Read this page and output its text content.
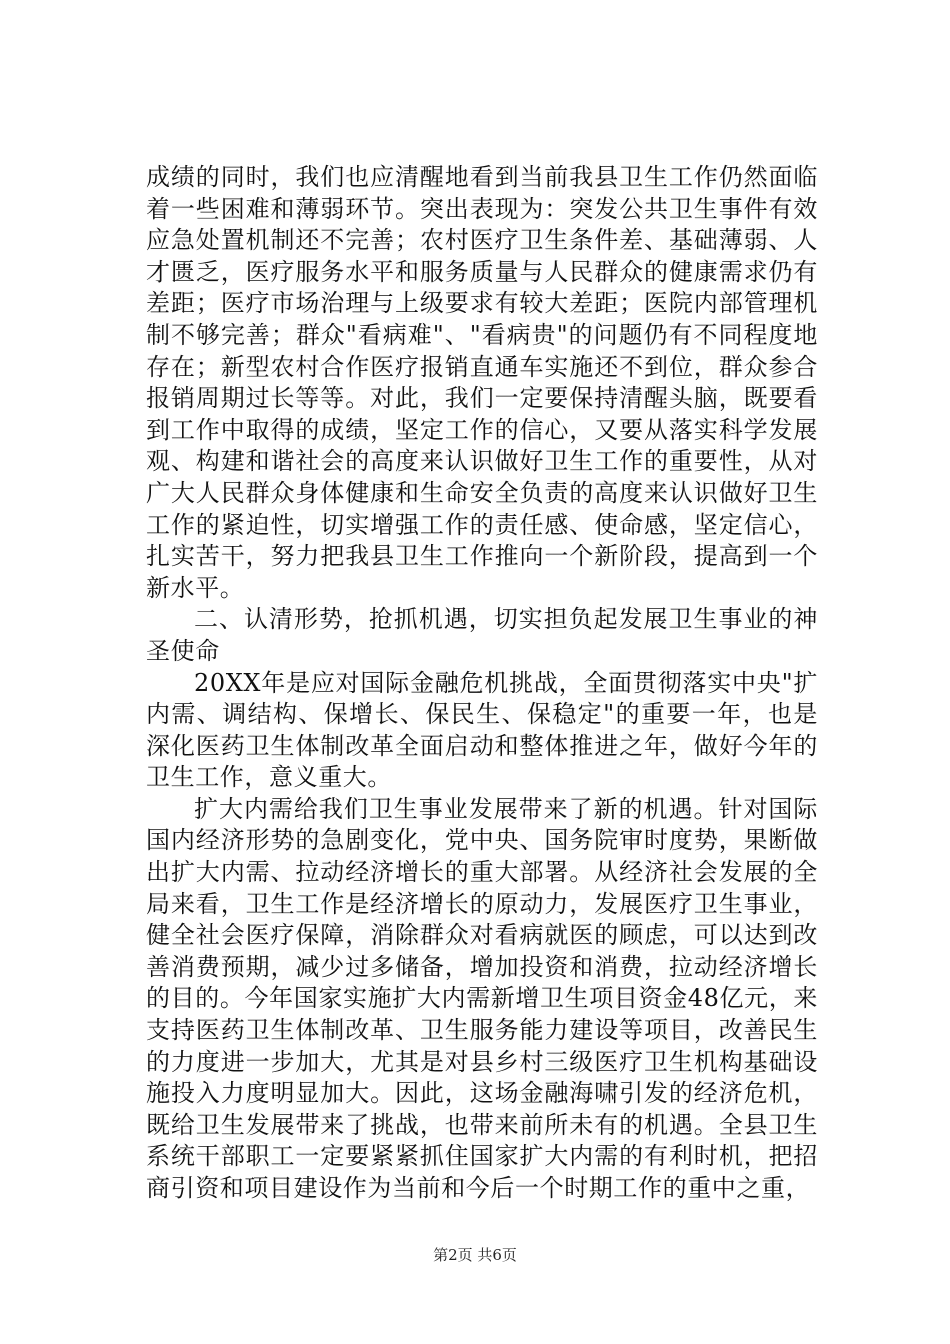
成绩的同时，我们也应清醒地看到当前我县卫生工作仍然面临着一些困难和薄弱环节。突出表现为：突发公共卫生事件有效应急处置机制还不完善；农村医疗卫生条件差、基础薄弱、人才匮乏，医疗服务水平和服务质量与人民群众的健康需求仍有差距；医疗市场治理与上级要求有较大差距；医院内部管理机制不够完善；群众"看病难"、"看病贵"的问题仍有不同程度地存在；新型农村合作医疗报销直通车实施还不到位，群众参合报销周期过长等等。对此，我们一定要保持清醒头脑，既要看到工作中取得的成绩，坚定工作的信心，又要从落实科学发展观、构建和谐社会的高度来认识做好卫生工作的重要性，从对广大人民群众身体健康和生命安全负责的高度来认识做好卫生工作的紧迫性，切实增强工作的责任感、使命感，坚定信心，扎实苦干，努力把我县卫生工作推向一个新阶段，提高到一个新水平。

二、认清形势，抢抓机遇，切实担负起发展卫生事业的神圣使命

20XX年是应对国际金融危机挑战，全面贯彻落实中央"扩内需、调结构、保增长、保民生、保稳定"的重要一年，也是深化医药卫生体制改革全面启动和整体推进之年，做好今年的卫生工作，意义重大。

扩大内需给我们卫生事业发展带来了新的机遇。针对国际国内经济形势的急剧变化，党中央、国务院审时度势，果断做出扩大内需、拉动经济增长的重大部署。从经济社会发展的全局来看，卫生工作是经济增长的原动力，发展医疗卫生事业，健全社会医疗保障，消除群众对看病就医的顾虑，可以达到改善消费预期，减少过多储备，增加投资和消费，拉动经济增长的目的。今年国家实施扩大内需新增卫生项目资金48亿元，来支持医药卫生体制改革、卫生服务能力建设等项目，改善民生的力度进一步加大，尤其是对县乡村三级医疗卫生机构基础设施投入力度明显加大。因此，这场金融海啸引发的经济危机，既给卫生发展带来了挑战，也带来前所未有的机遇。全县卫生系统干部职工一定要紧紧抓住国家扩大内需的有利时机，把招商引资和项目建设作为当前和今后一个时期工作的重中之重，

第2页 共6页
